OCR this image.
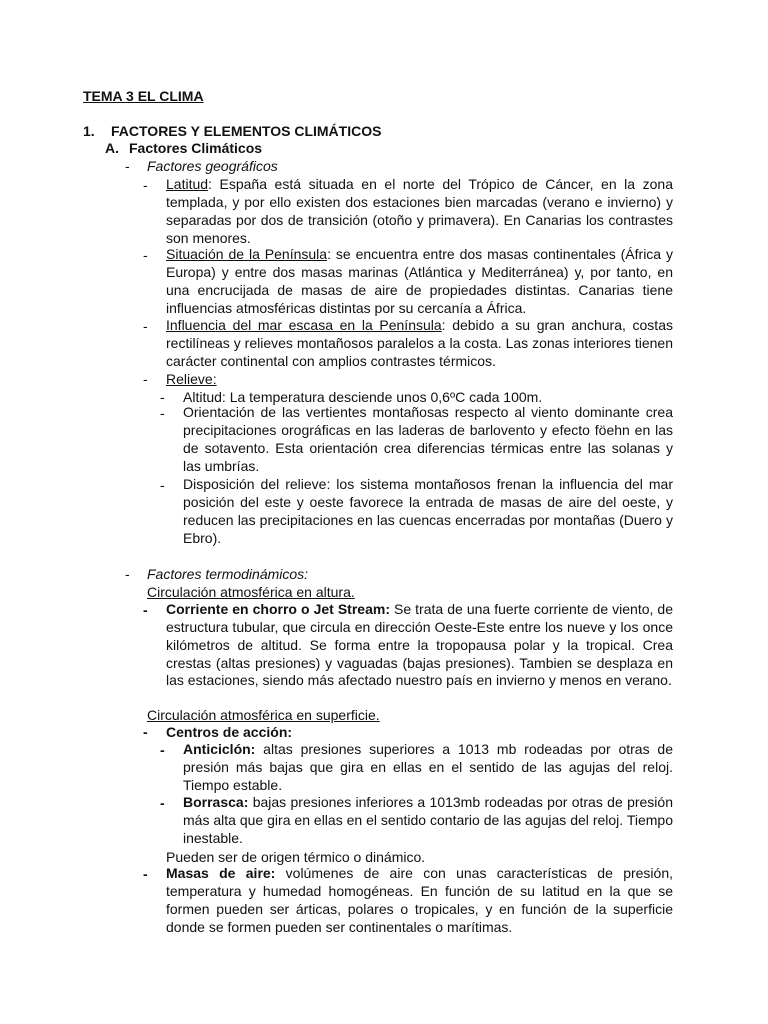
TEMA 3 EL CLIMA
1. FACTORES Y ELEMENTOS CLIMÁTICOS
A. Factores Climáticos
- Factores geográficos
- Latitud: España está situada en el norte del Trópico de Cáncer, en la zona templada, y por ello existen dos estaciones bien marcadas (verano e invierno) y separadas por dos de transición (otoño y primavera). En Canarias los contrastes son menores.
- Situación de la Península: se encuentra entre dos masas continentales (África y Europa) y entre dos masas marinas (Atlántica y Mediterránea) y, por tanto, en una encrucijada de masas de aire de propiedades distintas. Canarias tiene influencias atmosféricas distintas por su cercanía a África.
- Influencia del mar escasa en la Península: debido a su gran anchura, costas rectilíneas y relieves montañosos paralelos a la costa. Las zonas interiores tienen carácter continental con amplios contrastes térmicos.
- Relieve:
- Altitud: La temperatura desciende unos 0,6ºC cada 100m.
- Orientación de las vertientes montañosas respecto al viento dominante crea precipitaciones orográficas en las laderas de barlovento y efecto föehn en las de sotavento. Esta orientación crea diferencias térmicas entre las solanas y las umbrías.
- Disposición del relieve: los sistema montañosos frenan la influencia del mar posición del este y oeste favorece la entrada de masas de aire del oeste, y reducen las precipitaciones en las cuencas encerradas por montañas (Duero y Ebro).
- Factores termodinámicos:
Circulación atmosférica en altura.
- Corriente en chorro o Jet Stream: Se trata de una fuerte corriente de viento, de estructura tubular, que circula en dirección Oeste-Este entre los nueve y los once kilómetros de altitud. Se forma entre la tropopausa polar y la tropical. Crea crestas (altas presiones) y vaguadas (bajas presiones). Tambien se desplaza en las estaciones, siendo más afectado nuestro país en invierno y menos en verano.
Circulación atmosférica en superficie.
- Centros de acción:
- Anticiclón: altas presiones superiores a 1013 mb rodeadas por otras de presión más bajas que gira en ellas en el sentido de las agujas del reloj. Tiempo estable.
- Borrasca: bajas presiones inferiores a 1013mb rodeadas por otras de presión más alta que gira en ellas en el sentido contario de las agujas del reloj. Tiempo inestable.
Pueden ser de origen térmico o dinámico.
- Masas de aire: volúmenes de aire con unas características de presión, temperatura y humedad homogéneas. En función de su latitud en la que se formen pueden ser árticas, polares o tropicales, y en función de la superficie donde se formen pueden ser continentales o marítimas.
